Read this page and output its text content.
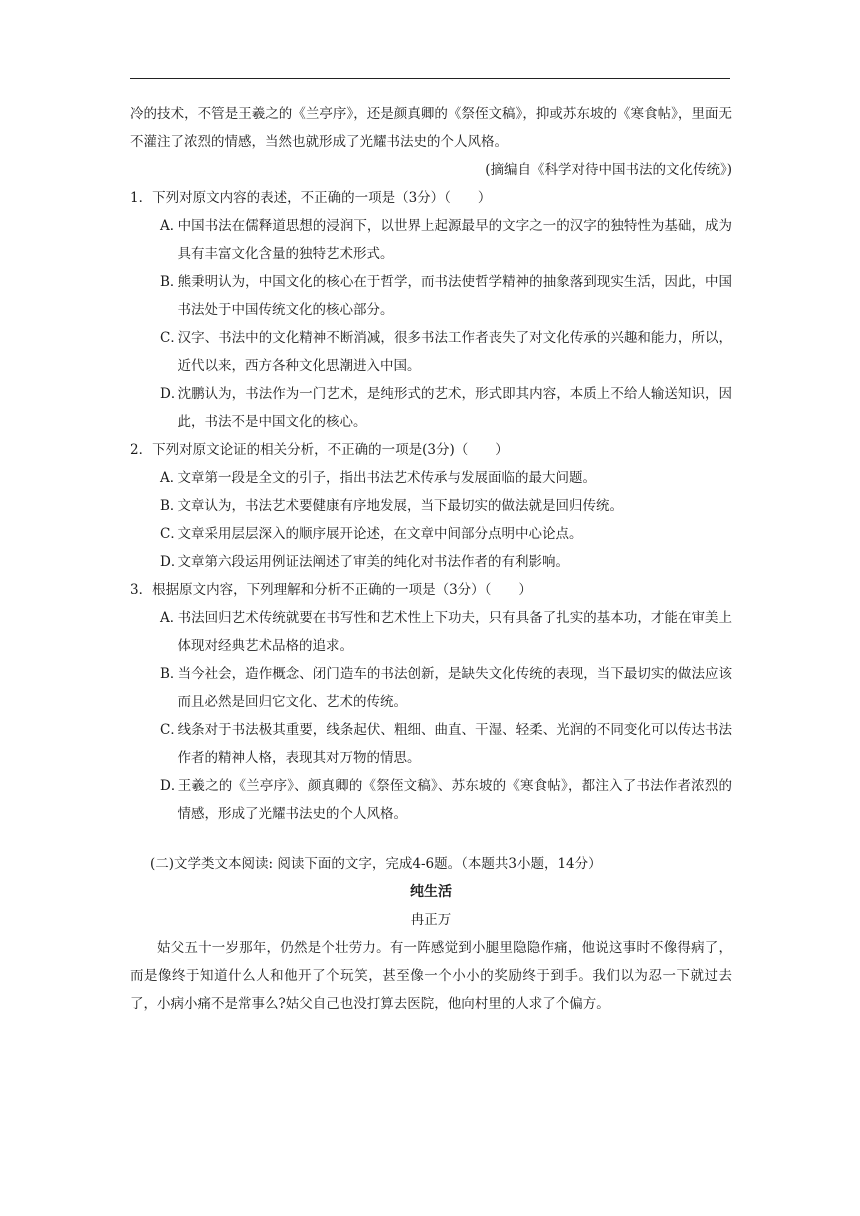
冷的技术，不管是王羲之的《兰亭序》，还是颜真卿的《祭侄文稿》，抑或苏东坡的《寒食帖》，里面无不灌注了浓烈的情感，当然也就形成了光耀书法史的个人风格。

(摘编自《科学对待中国书法的文化传统》)

1．下列对原文内容的表述，不正确的一项是（3分）（　　）

A．中国书法在儒释道思想的浸润下，以世界上起源最早的文字之一的汉字的独特性为基础，成为具有丰富文化含量的独特艺术形式。

B．熊秉明认为，中国文化的核心在于哲学，而书法使哲学精神的抽象落到现实生活，因此，中国书法处于中国传统文化的核心部分。

C．汉字、书法中的文化精神不断消减，很多书法工作者丧失了对文化传承的兴趣和能力，所以，近代以来，西方各种文化思潮进入中国。

D．沈鹏认为，书法作为一门艺术，是纯形式的艺术，形式即其内容，本质上不给人输送知识，因此，书法不是中国文化的核心。

2．下列对原文论证的相关分析，不正确的一项是(3分)（　　）

A．文章第一段是全文的引子，指出书法艺术传承与发展面临的最大问题。

B．文章认为，书法艺术要健康有序地发展，当下最切实的做法就是回归传统。

C．文章采用层层深入的顺序展开论述，在文章中间部分点明中心论点。

D．文章第六段运用例证法阐述了审美的纯化对书法作者的有利影响。

3．根据原文内容，下列理解和分析不正确的一项是（3分）（　　）

A．书法回归艺术传统就要在书写性和艺术性上下功夫，只有具备了扎实的基本功，才能在审美上体现对经典艺术品格的追求。

B．当今社会，造作概念、闭门造车的书法创新，是缺失文化传统的表现，当下最切实的做法应该而且必然是回归它文化、艺术的传统。

C．线条对于书法极其重要，线条起伏、粗细、曲直、干湿、轻柔、光润的不同变化可以传达书法作者的精神人格，表现其对万物的情思。

D．王羲之的《兰亭序》、颜真卿的《祭侄文稿》、苏东坡的《寒食帖》，都注入了书法作者浓烈的情感，形成了光耀书法史的个人风格。

(二)文学类文本阅读: 阅读下面的文字，完成4-6题。（本题共3小题，14分）

纯生活

冉正万

姑父五十一岁那年，仍然是个壮劳力。有一阵感觉到小腿里隐隐作痛，他说这事时不像得病了，而是像终于知道什么人和他开了个玩笑，甚至像一个小小的奖励终于到手。我们以为忍一下就过去了，小病小痛不是常事么?姑父自己也没打算去医院，他向村里的人求了个偏方。
